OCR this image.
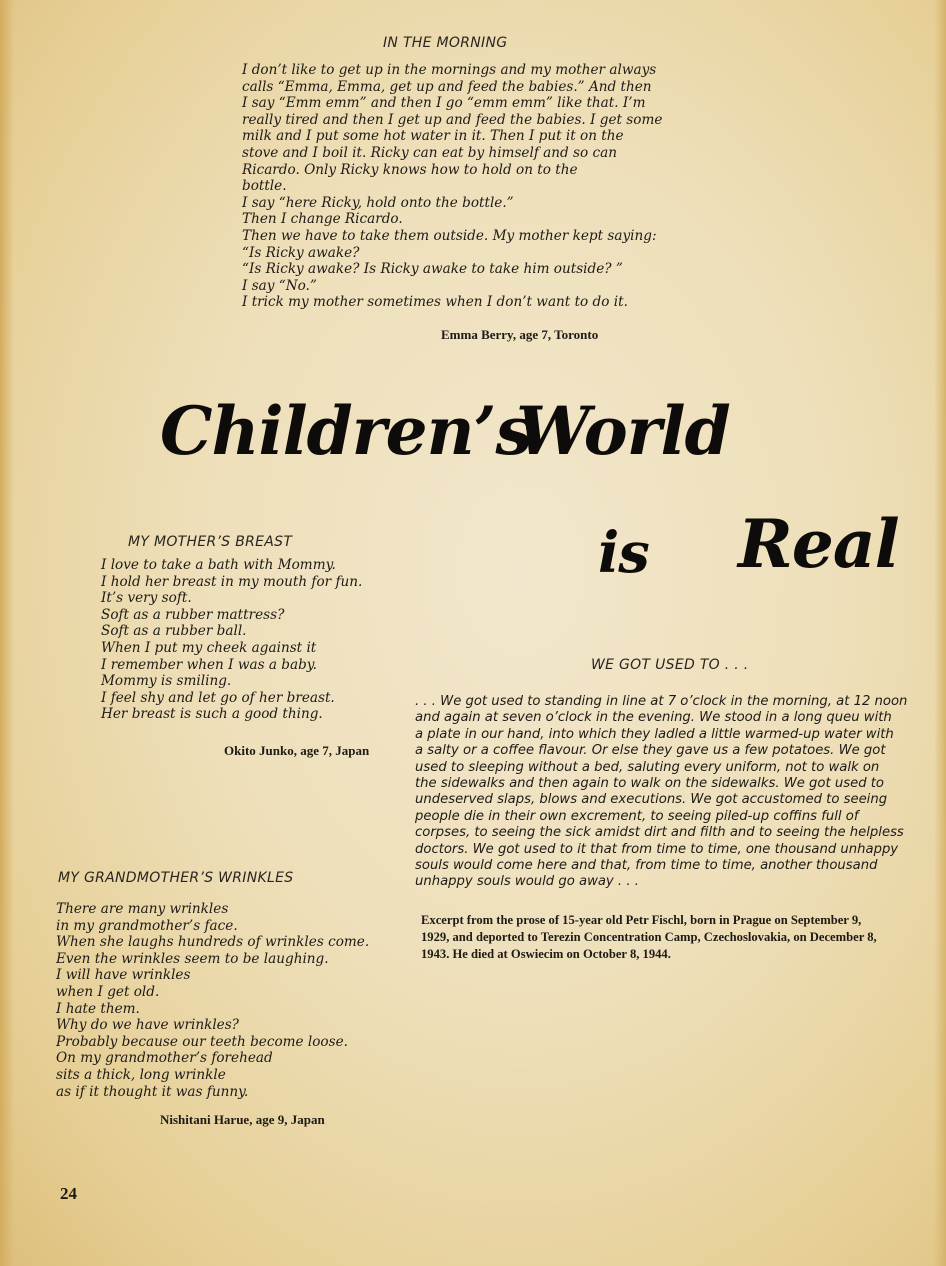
IN THE MORNING
I don’t like to get up in the mornings and my mother always
calls “Emma, Emma, get up and feed the babies.” And then
I say “Emm emm” and then I go “emm emm” like that. I’m
really tired and then I get up and feed the babies. I get some
milk and I put some hot water in it. Then I put it on the
stove and I boil it. Ricky can eat by himself and so can
Ricardo. Only Ricky knows how to hold on to the
bottle.
I say “here Ricky, hold onto the bottle.”
Then I change Ricardo.
Then we have to take them outside. My mother kept saying:
“Is Ricky awake?
“Is Ricky awake? Is Ricky awake to take him outside? ”
I say “No.”
I trick my mother sometimes when I don’t want to do it.
Emma Berry, age 7, Toronto
Children’s
World
is Real
MY MOTHER’S BREAST
I love to take a bath with Mommy.
I hold her breast in my mouth for fun.
It’s very soft.
Soft as a rubber mattress?
Soft as a rubber ball.
When I put my cheek against it
I remember when I was a baby.
Mommy is smiling.
I feel shy and let go of her breast.
Her breast is such a good thing.
Okito Junko, age 7, Japan
WE GOT USED TO . . .
. . . We got used to standing in line at 7 o’clock in the morning, at 12 noon
and again at seven o’clock in the evening. We stood in a long queu with
a plate in our hand, into which they ladled a little warmed-up water with
a salty or a coffee flavour. Or else they gave us a few potatoes. We got
used to sleeping without a bed, saluting every uniform, not to walk on
the sidewalks and then again to walk on the sidewalks. We got used to
undeserved slaps, blows and executions. We got accustomed to seeing
people die in their own excrement, to seeing piled-up coffins full of
corpses, to seeing the sick amidst dirt and filth and to seeing the helpless
doctors. We got used to it that from time to time, one thousand unhappy
souls would come here and that, from time to time, another thousand
unhappy souls would go away . . .
Excerpt from the prose of 15-year old Petr Fischl, born in Prague on September 9,
1929, and deported to Terezin Concentration Camp, Czechoslovakia, on December 8,
1943. He died at Oswiecim on October 8, 1944.
MY GRANDMOTHER’S WRINKLES
There are many wrinkles
in my grandmother’s face.
When she laughs hundreds of wrinkles come.
Even the wrinkles seem to be laughing.
I will have wrinkles
when I get old.
I hate them.
Why do we have wrinkles?
Probably because our teeth become loose.
On my grandmother’s forehead
sits a thick, long wrinkle
as if it thought it was funny.
Nishitani Harue, age 9, Japan
24
